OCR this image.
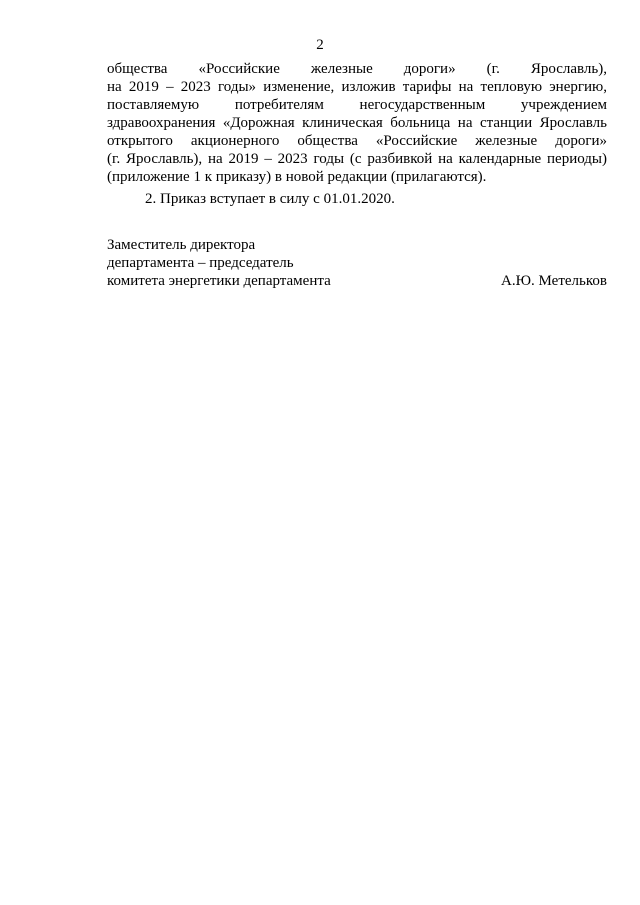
2

общества «Российские железные дороги» (г. Ярославль),
на 2019 – 2023 годы» изменение, изложив тарифы на тепловую энергию,
поставляемую потребителям негосударственным учреждением
здравоохранения «Дорожная клиническая больница на станции Ярославль
открытого акционерного общества «Российские железные дороги»
(г. Ярославль), на 2019 – 2023 годы (с разбивкой на календарные периоды)
(приложение 1 к приказу) в новой редакции (прилагаются).

2. Приказ вступает в силу с 01.01.2020.

Заместитель директора
департамента – председатель
комитета энергетики департамента	А.Ю. Метельков
